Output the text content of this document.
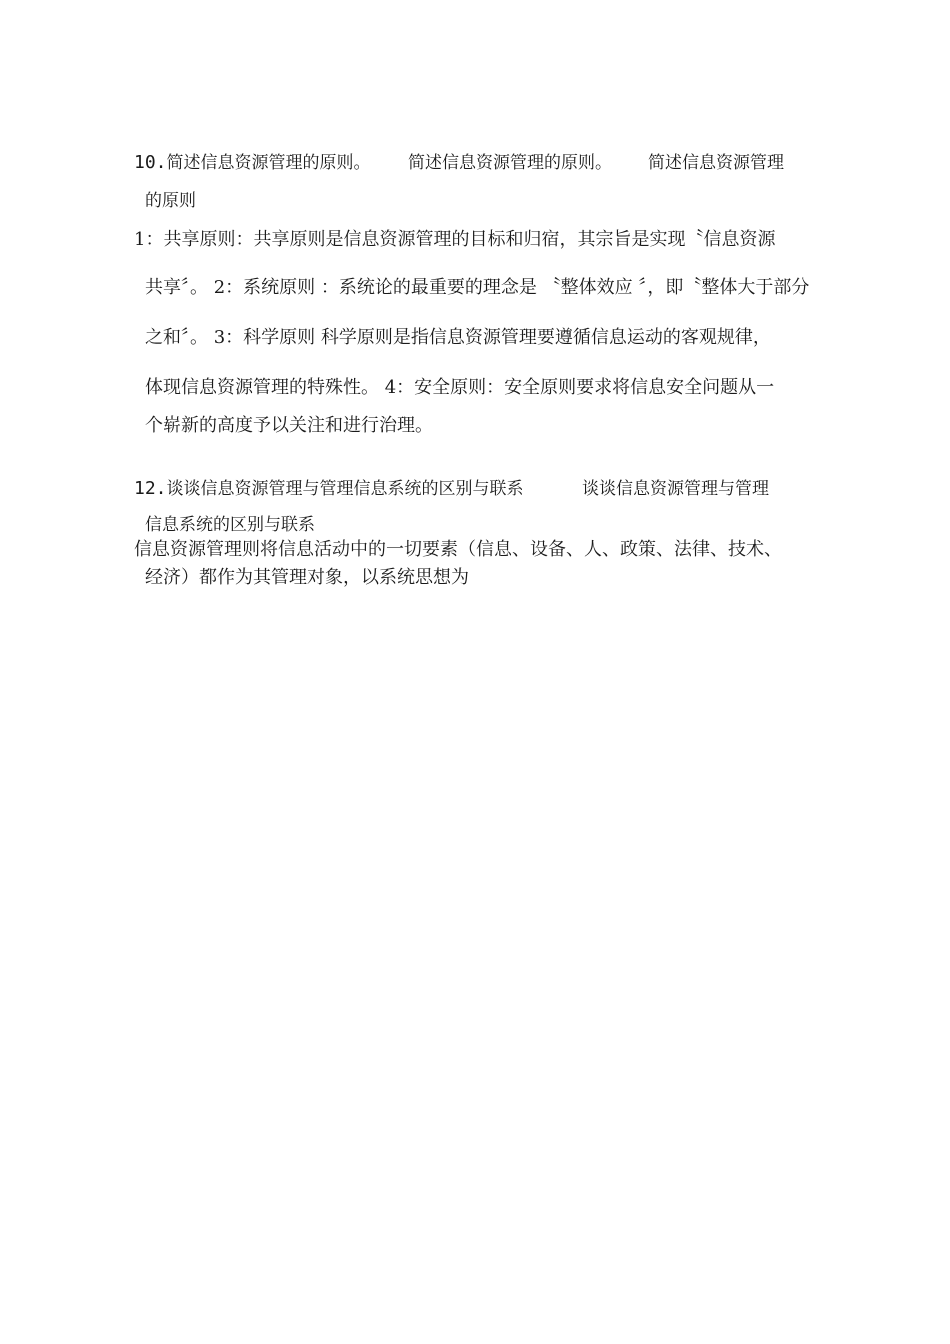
10.简述信息资源管理的原则。 简述信息资源管理的原则。 简述信息资源管理
的原则
1：共享原则：共享原则是信息资源管理的目标和归宿，其宗旨是实现〝信息资源
共享〞。 2：系统原则 ：系统论的最重要的理念是 〝整体效应 〞，即〝整体大于部分
之和〞。 3：科学原则 科学原则是指信息资源管理要遵循信息运动的客观规律，
体现信息资源管理的特殊性。 4：安全原则：安全原则要求将信息安全问题从一
个崭新的高度予以关注和进行治理。
12.谈谈信息资源管理与管理信息系统的区别与联系	谈谈信息资源管理与管理
信息系统的区别与联系
信息资源管理则将信息活动中的一切要素（信息、设备、人、政策、法律、技术、
经济）都作为其管理对象，以系统思想为
